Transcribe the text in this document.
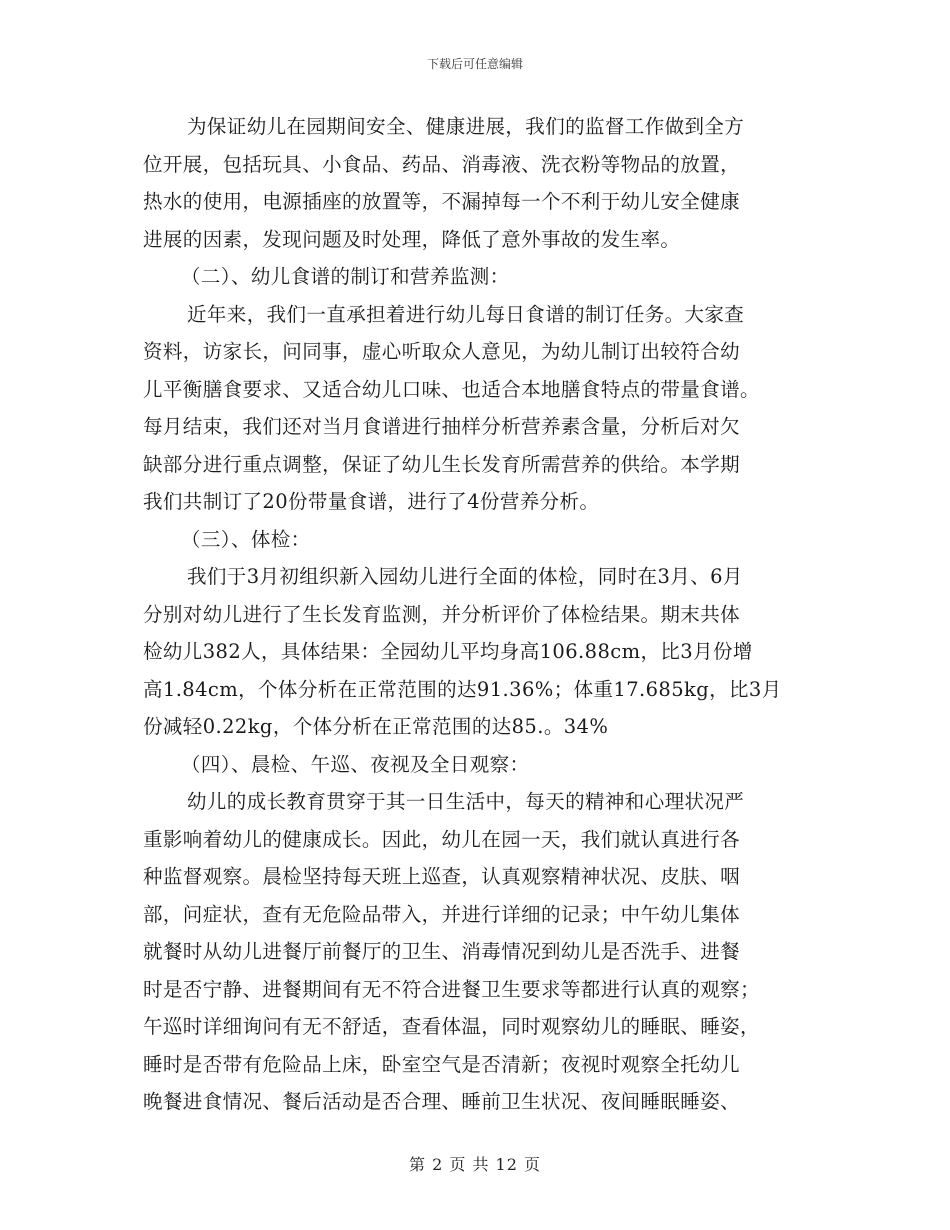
下载后可任意编辑
为保证幼儿在园期间安全、健康进展，我们的监督工作做到全方
位开展，包括玩具、小食品、药品、消毒液、洗衣粉等物品的放置，
热水的使用，电源插座的放置等，不漏掉每一个不利于幼儿安全健康
进展的因素，发现问题及时处理，降低了意外事故的发生率。
（二）、幼儿食谱的制订和营养监测：
近年来，我们一直承担着进行幼儿每日食谱的制订任务。大家查
资料，访家长，问同事，虚心听取众人意见，为幼儿制订出较符合幼
儿平衡膳食要求、又适合幼儿口味、也适合本地膳食特点的带量食谱。
每月结束，我们还对当月食谱进行抽样分析营养素含量，分析后对欠
缺部分进行重点调整，保证了幼儿生长发育所需营养的供给。本学期
我们共制订了20份带量食谱，进行了4份营养分析。
（三）、体检：
我们于3月初组织新入园幼儿进行全面的体检，同时在3月、6月
分别对幼儿进行了生长发育监测，并分析评价了体检结果。期末共体
检幼儿382人，具体结果：全园幼儿平均身高106.88cm，比3月份增
高1.84cm，个体分析在正常范围的达91.36%；体重17.685kg，比3月
份减轻0.22kg，个体分析在正常范围的达85.。34%
（四）、晨检、午巡、夜视及全日观察：
幼儿的成长教育贯穿于其一日生活中，每天的精神和心理状况严
重影响着幼儿的健康成长。因此，幼儿在园一天，我们就认真进行各
种监督观察。晨检坚持每天班上巡查，认真观察精神状况、皮肤、咽
部，问症状，查有无危险品带入，并进行详细的记录；中午幼儿集体
就餐时从幼儿进餐厅前餐厅的卫生、消毒情况到幼儿是否洗手、进餐
时是否宁静、进餐期间有无不符合进餐卫生要求等都进行认真的观察；
午巡时详细询问有无不舒适，查看体温，同时观察幼儿的睡眠、睡姿，
睡时是否带有危险品上床，卧室空气是否清新；夜视时观察全托幼儿
晚餐进食情况、餐后活动是否合理、睡前卫生状况、夜间睡眠睡姿、
第 2 页 共 12 页
